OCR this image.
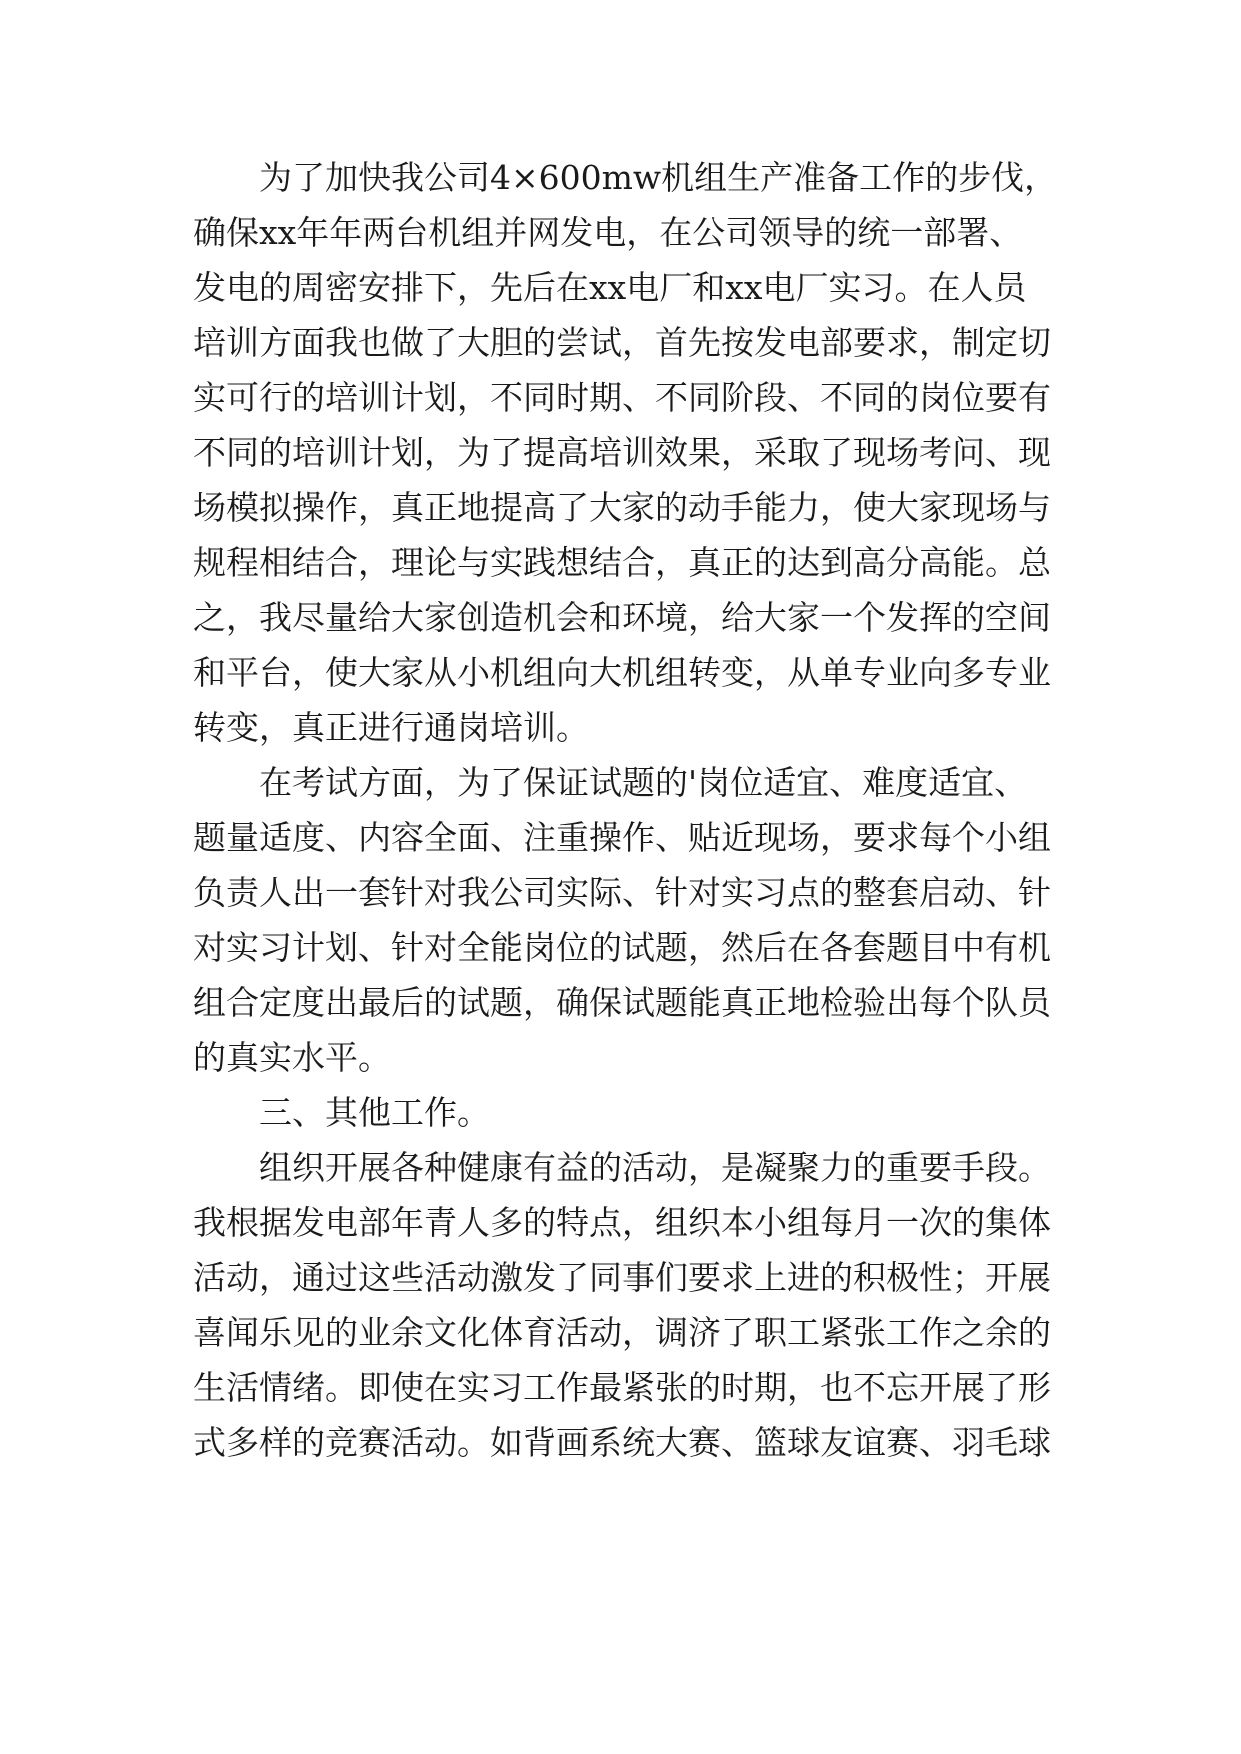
为了加快我公司4×600mw机组生产准备工作的步伐，
确保xx年年两台机组并网发电，在公司领导的统一部署、
发电的周密安排下，先后在xx电厂和xx电厂实习。在人员
培训方面我也做了大胆的尝试，首先按发电部要求，制定切
实可行的培训计划，不同时期、不同阶段、不同的岗位要有
不同的培训计划，为了提高培训效果，采取了现场考问、现
场模拟操作，真正地提高了大家的动手能力，使大家现场与
规程相结合，理论与实践想结合，真正的达到高分高能。总
之，我尽量给大家创造机会和环境，给大家一个发挥的空间
和平台，使大家从小机组向大机组转变，从单专业向多专业
转变，真正进行通岗培训。
在考试方面，为了保证试题的'岗位适宜、难度适宜、
题量适度、内容全面、注重操作、贴近现场，要求每个小组
负责人出一套针对我公司实际、针对实习点的整套启动、针
对实习计划、针对全能岗位的试题，然后在各套题目中有机
组合定度出最后的试题，确保试题能真正地检验出每个队员
的真实水平。
三、其他工作。
组织开展各种健康有益的活动，是凝聚力的重要手段。
我根据发电部年青人多的特点，组织本小组每月一次的集体
活动，通过这些活动激发了同事们要求上进的积极性；开展
喜闻乐见的业余文化体育活动，调济了职工紧张工作之余的
生活情绪。即使在实习工作最紧张的时期，也不忘开展了形
式多样的竞赛活动。如背画系统大赛、篮球友谊赛、羽毛球
